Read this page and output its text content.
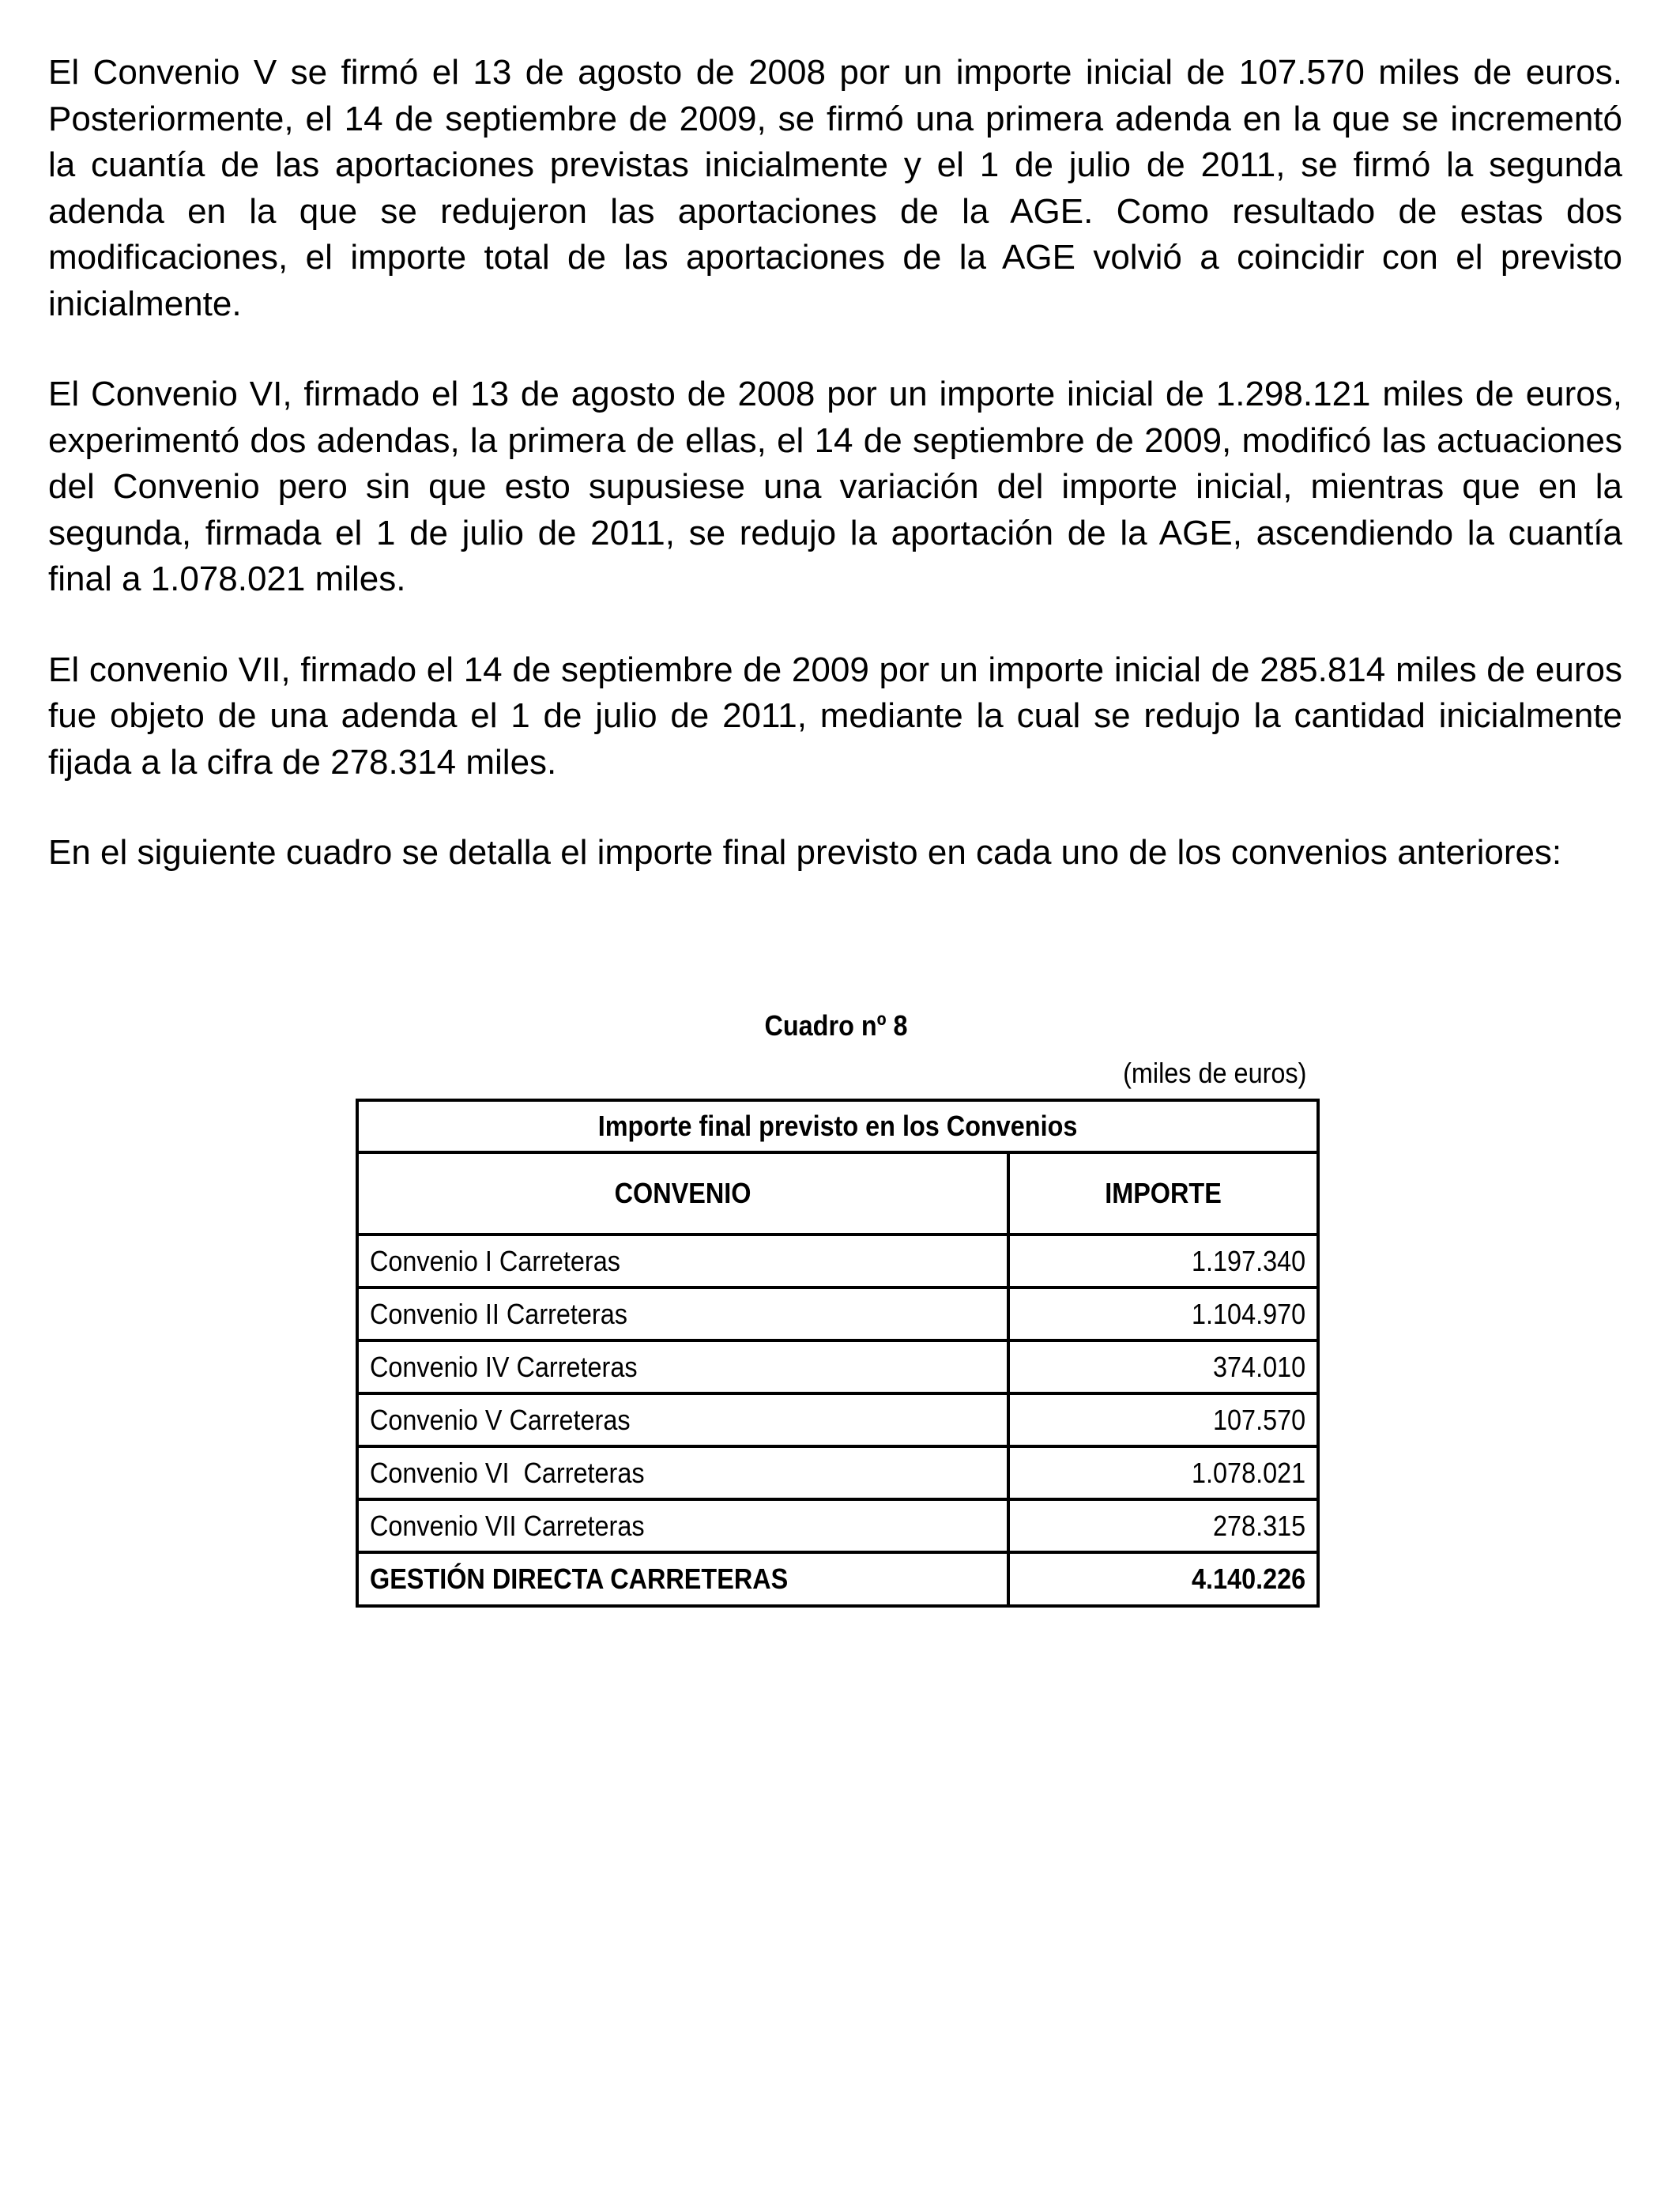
El Convenio V se firmó el 13 de agosto de 2008 por un importe inicial de 107.570 miles de euros. Posteriormente, el 14 de septiembre de 2009, se firmó una primera adenda en la que se incrementó la cuantía de las aportaciones previstas inicialmente y el 1 de julio de 2011, se firmó la segunda adenda en la que se redujeron las aportaciones de la AGE. Como resultado de estas dos modificaciones, el importe total de las aportaciones de la AGE volvió a coincidir con el previsto inicialmente.

El Convenio VI, firmado el 13 de agosto de 2008 por un importe inicial de 1.298.121 miles de euros, experimentó dos adendas, la primera de ellas, el 14 de septiembre de 2009, modificó las actuaciones del Convenio pero sin que esto supusiese una variación del importe inicial, mientras que en la segunda, firmada el 1 de julio de 2011, se redujo la aportación de la AGE, ascendiendo la cuantía final a 1.078.021 miles.

El convenio VII, firmado el 14 de septiembre de 2009 por un importe inicial de 285.814 miles de euros fue objeto de una adenda el 1 de julio de 2011, mediante la cual se redujo la cantidad inicialmente fijada a la cifra de 278.314 miles.

En el siguiente cuadro se detalla el importe final previsto en cada uno de los convenios anteriores:

Cuadro nº 8
(miles de euros)
Importe final previsto en los Convenios	
CONVENIO	IMPORTE
Convenio I Carreteras	1.197.340
Convenio II Carreteras	1.104.970
Convenio IV Carreteras	374.010
Convenio V Carreteras	107.570
Convenio VI  Carreteras	1.078.021
Convenio VII Carreteras	278.315
GESTIÓN DIRECTA CARRETERAS	4.140.226
